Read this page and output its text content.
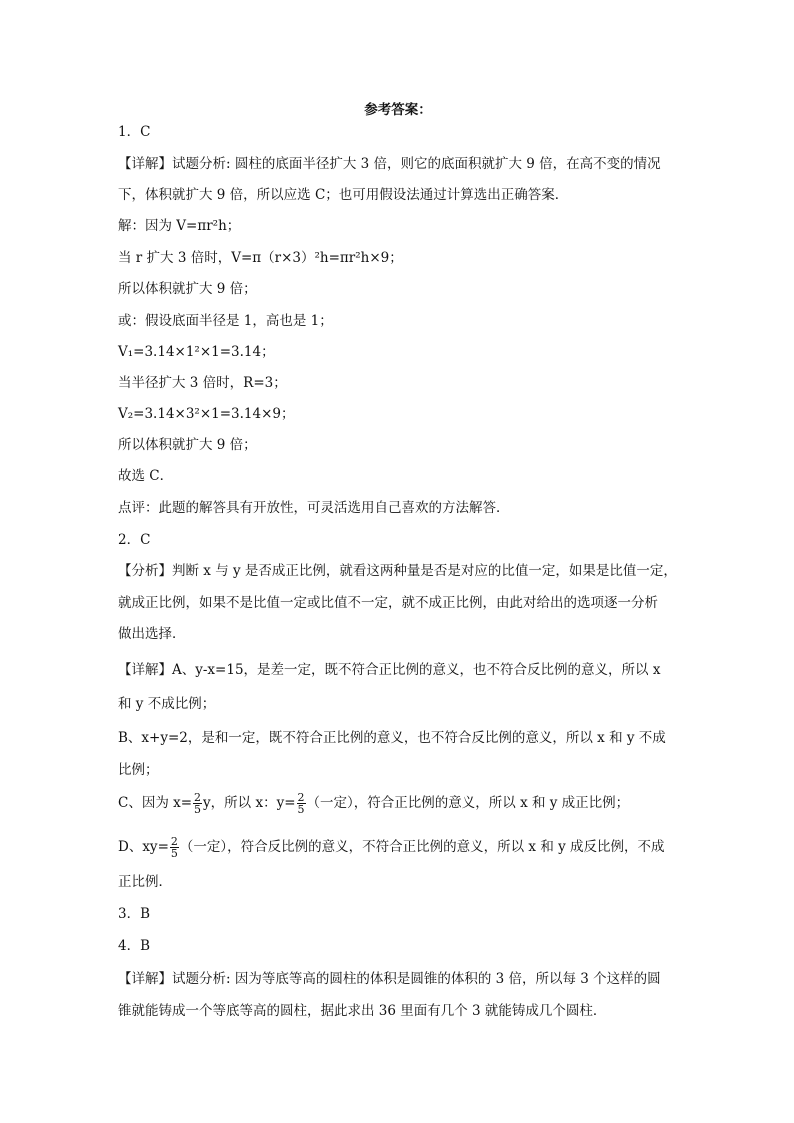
参考答案：
1．C
【详解】试题分析: 圆柱的底面半径扩大 3 倍，则它的底面积就扩大 9 倍，在高不变的情况
下，体积就扩大 9 倍，所以应选 C；也可用假设法通过计算选出正确答案．
解：因为 V=πr²h；
当 r 扩大 3 倍时，V=π（r×3）²h=πr²h×9；
所以体积就扩大 9 倍；
或：假设底面半径是 1，高也是 1；
V₁=3.14×1²×1=3.14；
当半径扩大 3 倍时，R=3；
V₂=3.14×3²×1=3.14×9；
所以体积就扩大 9 倍；
故选 C．
点评：此题的解答具有开放性，可灵活选用自己喜欢的方法解答．
2．C
【分析】判断 x 与 y 是否成正比例，就看这两种量是否是对应的比值一定，如果是比值一定，
就成正比例，如果不是比值一定或比值不一定，就不成正比例，由此对给出的选项逐一分析
做出选择．
【详解】A、y-x=15，是差一定，既不符合正比例的意义，也不符合反比例的意义，所以 x
和 y 不成比例；
B、x+y=2，是和一定，既不符合正比例的意义，也不符合反比例的意义，所以 x 和 y 不成
比例；
C、因为 $x= \frac{2}{5}$ y，所以 x：$y= \frac{2}{5}$ （一定），符合正比例的意义，所以 x 和 y 成正比例；
D、$xy= \frac{2}{5}$ （一定），符合反比例的意义，不符合正比例的意义，所以 x 和 y 成反比例，不成
正比例．
3．B
4．B
【详解】试题分析: 因为等底等高的圆柱的体积是圆锥的体积的 3 倍，所以每 3 个这样的圆
锥就能铸成一个等底等高的圆柱，据此求出 36 里面有几个 3 就能铸成几个圆柱．
